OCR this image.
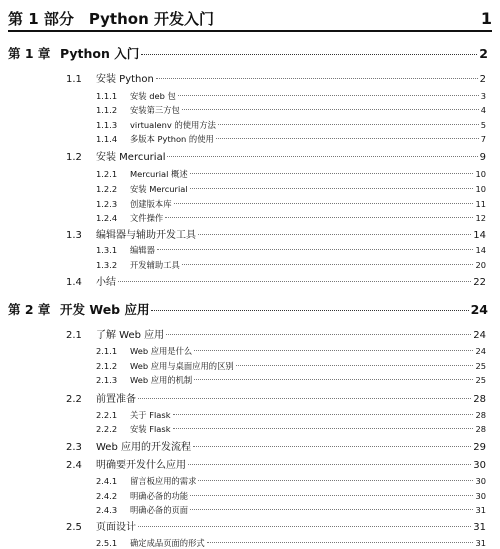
第 1 部分　Python 开发入门	1
第 1 章 Python 入门	2
1.1	安装 Python	2
1.1.1	安装 deb 包	3
1.1.2	安装第三方包	4
1.1.3	virtualenv 的使用方法	5
1.1.4	多版本 Python 的使用	7
1.2	安装 Mercurial	9
1.2.1	Mercurial 概述	10
1.2.2	安装 Mercurial	10
1.2.3	创建版本库	11
1.2.4	文件操作	12
1.3	编辑器与辅助开发工具	14
1.3.1	编辑器	14
1.3.2	开发辅助工具	20
1.4	小结	22
第 2 章 开发 Web 应用	24
2.1	了解 Web 应用	24
2.1.1	Web 应用是什么	24
2.1.2	Web 应用与桌面应用的区别	25
2.1.3	Web 应用的机制	25
2.2	前置准备	28
2.2.1	关于 Flask	28
2.2.2	安装 Flask	28
2.3	Web 应用的开发流程	29
2.4	明确要开发什么应用	30
2.4.1	留言板应用的需求	30
2.4.2	明确必备的功能	30
2.4.3	明确必备的页面	31
2.5	页面设计	31
2.5.1	确定成品页面的形式	31
